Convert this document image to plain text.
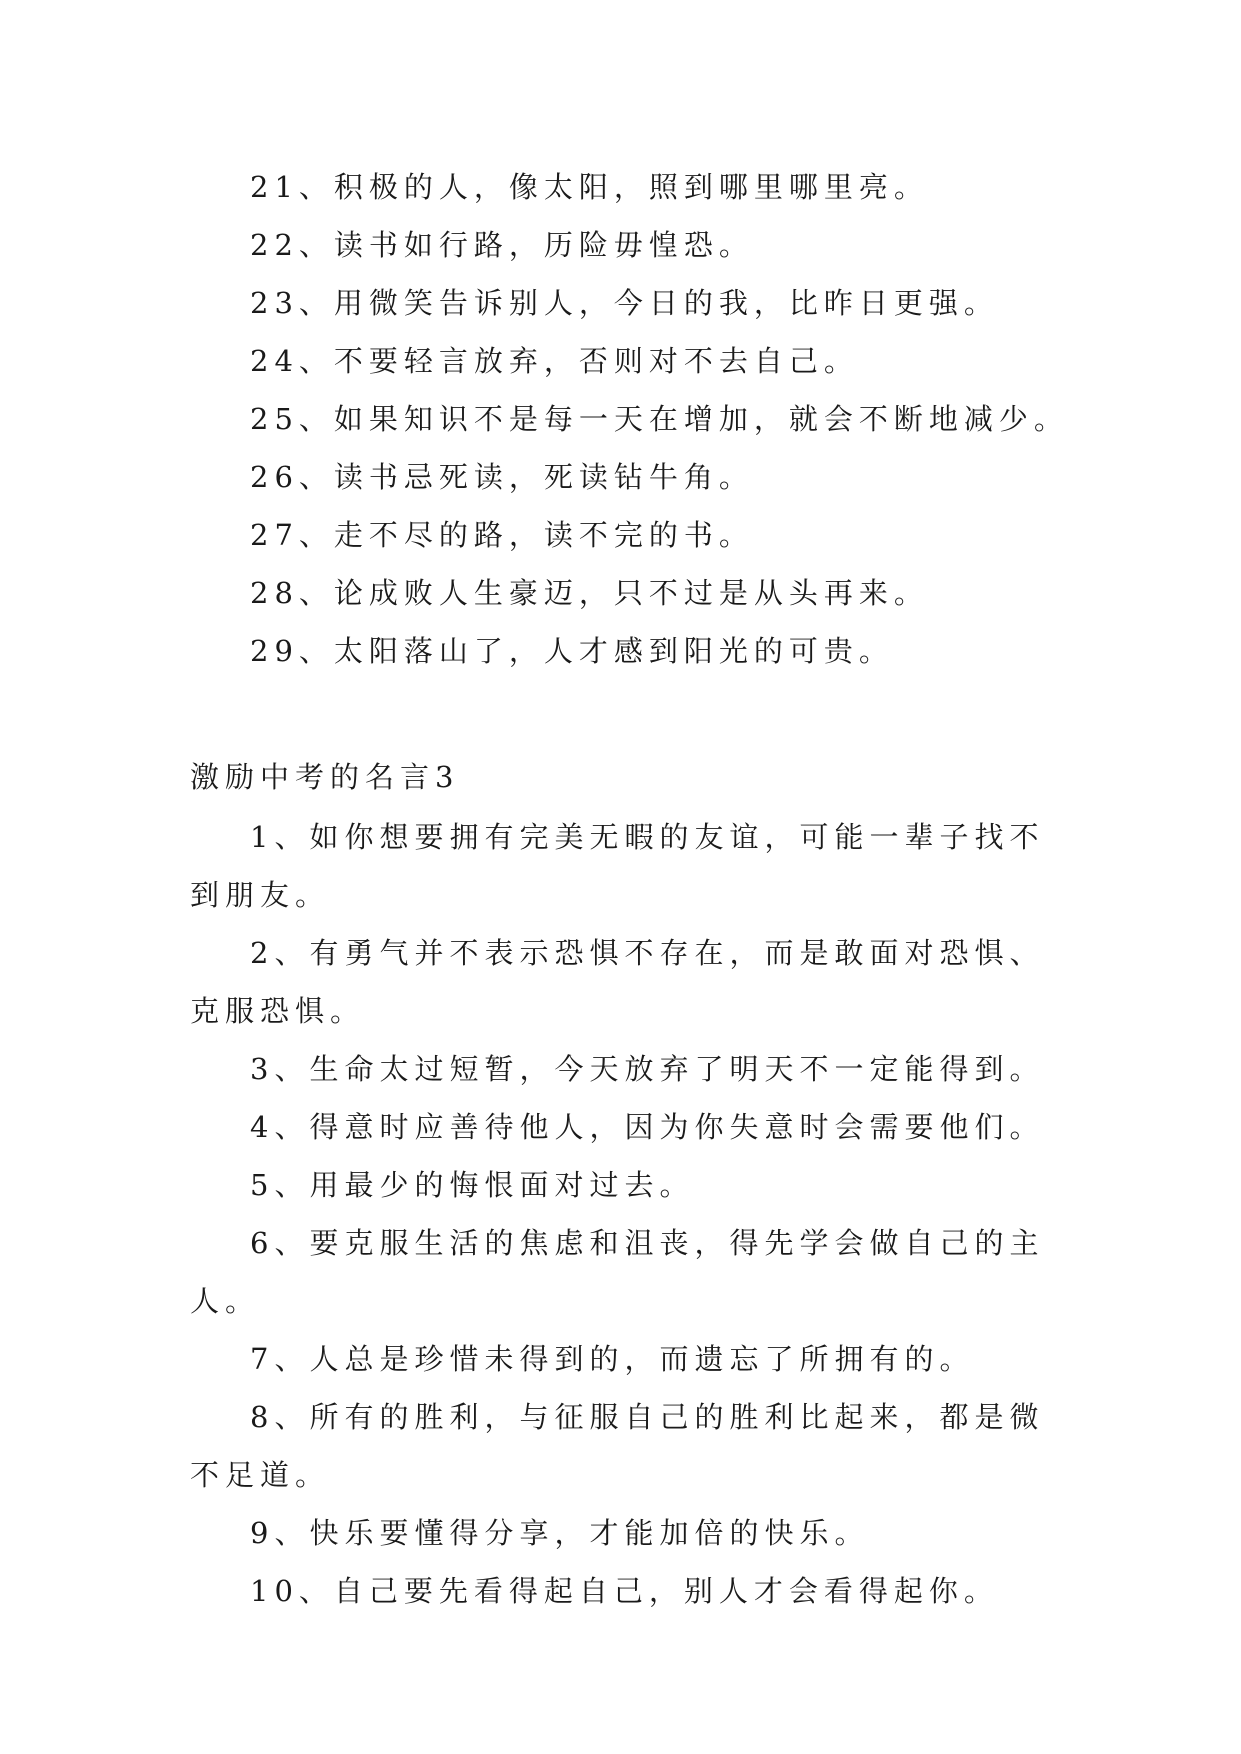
21、积极的人，像太阳，照到哪里哪里亮。

22、读书如行路，历险毋惶恐。

23、用微笑告诉别人，今日的我，比昨日更强。

24、不要轻言放弃，否则对不去自己。

25、如果知识不是每一天在增加，就会不断地减少。

26、读书忌死读，死读钻牛角。

27、走不尽的路，读不完的书。

28、论成败人生豪迈，只不过是从头再来。

29、太阳落山了，人才感到阳光的可贵。

激励中考的名言3

1、如你想要拥有完美无暇的友谊，可能一辈子找不到朋友。

2、有勇气并不表示恐惧不存在，而是敢面对恐惧、克服恐惧。

3、生命太过短暂，今天放弃了明天不一定能得到。

4、得意时应善待他人，因为你失意时会需要他们。

5、用最少的悔恨面对过去。

6、要克服生活的焦虑和沮丧，得先学会做自己的主人。

7、人总是珍惜未得到的，而遗忘了所拥有的。

8、所有的胜利，与征服自己的胜利比起来，都是微不足道。

9、快乐要懂得分享，才能加倍的快乐。

10、自己要先看得起自己，别人才会看得起你。
